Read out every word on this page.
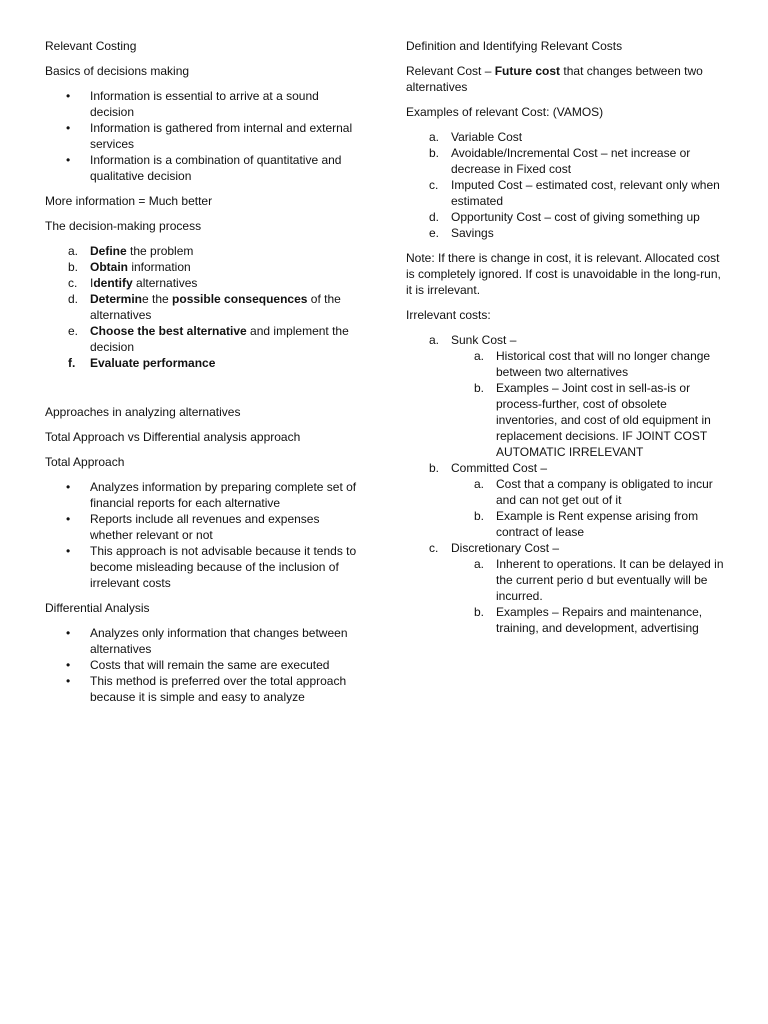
Relevant Costing

Basics of decisions making

• Information is essential to arrive at a sound decision
• Information is gathered from internal and external services
• Information is a combination of quantitative and qualitative decision

More information = Much better

The decision-making process

a. Define the problem
b. Obtain information
c. Identify alternatives
d. Determine the possible consequences of the alternatives
e. Choose the best alternative and implement the decision
f. Evaluate performance

Approaches in analyzing alternatives

Total Approach vs Differential analysis approach

Total Approach

• Analyzes information by preparing complete set of financial reports for each alternative
• Reports include all revenues and expenses whether relevant or not
• This approach is not advisable because it tends to become misleading because of the inclusion of irrelevant costs

Differential Analysis

• Analyzes only information that changes between alternatives
• Costs that will remain the same are executed
• This method is preferred over the total approach because it is simple and easy to analyze

Definition and Identifying Relevant Costs

Relevant Cost – Future cost that changes between two alternatives

Examples of relevant Cost: (VAMOS)

a. Variable Cost
b. Avoidable/Incremental Cost – net increase or decrease in Fixed cost
c. Imputed Cost – estimated cost, relevant only when estimated
d. Opportunity Cost – cost of giving something up
e. Savings

Note: If there is change in cost, it is relevant. Allocated cost is completely ignored. If cost is unavoidable in the long-run, it is irrelevant.

Irrelevant costs:

a. Sunk Cost –
a. Historical cost that will no longer change between two alternatives
b. Examples – Joint cost in sell-as-is or process-further, cost of obsolete inventories, and cost of old equipment in replacement decisions. IF JOINT COST AUTOMATIC IRRELEVANT
b. Committed Cost –
a. Cost that a company is obligated to incur and can not get out of it
b. Example is Rent expense arising from contract of lease
c. Discretionary Cost –
a. Inherent to operations. It can be delayed in the current perio d but eventually will be incurred.
b. Examples – Repairs and maintenance, training, and development, advertising
